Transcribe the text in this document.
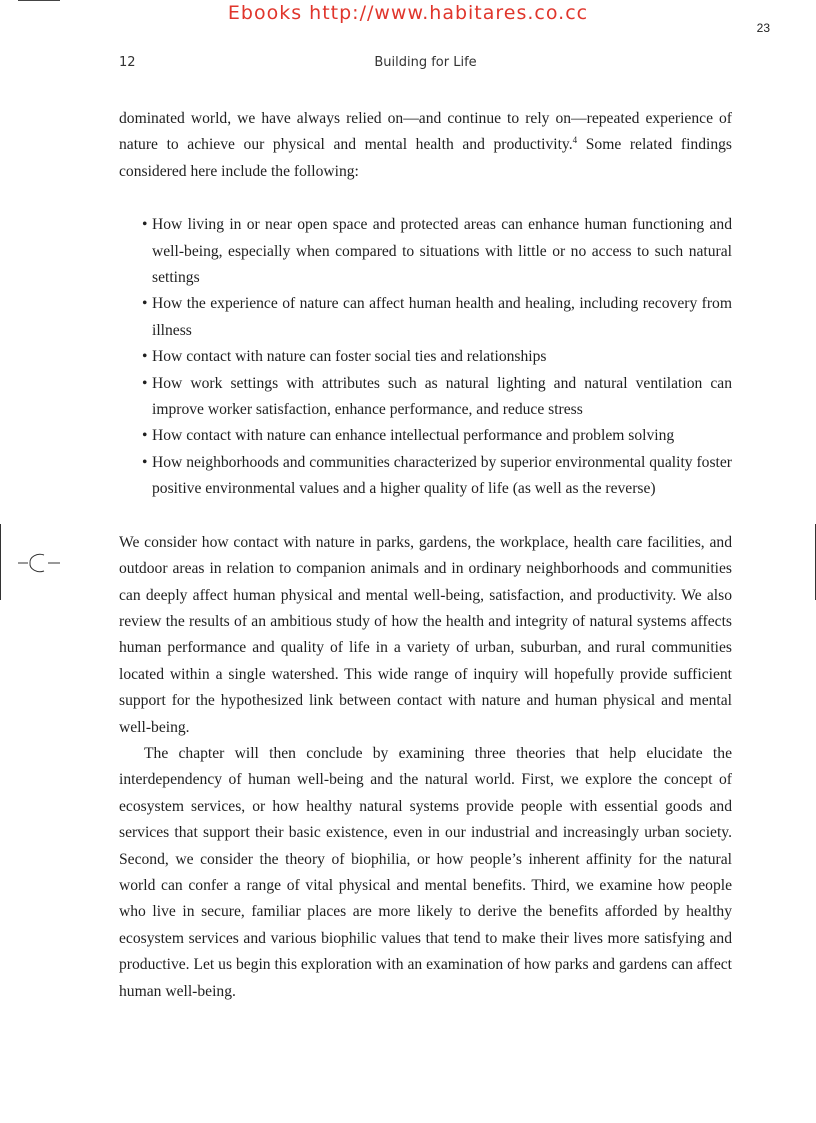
Ebooks http://www.habitares.co.cc

23
12	Building for Life

dominated world, we have always relied on—and continue to rely on—repeated experience of nature to achieve our physical and mental health and productivity.$^4$ Some related findings considered here include the following:

• How living in or near open space and protected areas can enhance human functioning and well-being, especially when compared to situations with little or no access to such natural settings
• How the experience of nature can affect human health and healing, including recovery from illness
• How contact with nature can foster social ties and relationships
• How work settings with attributes such as natural lighting and natural ventilation can improve worker satisfaction, enhance performance, and reduce stress
• How contact with nature can enhance intellectual performance and problem solving
• How neighborhoods and communities characterized by superior environmental quality foster positive environmental values and a higher quality of life (as well as the reverse)

We consider how contact with nature in parks, gardens, the workplace, health care facilities, and outdoor areas in relation to companion animals and in ordinary neighborhoods and communities can deeply affect human physical and mental well-being, satisfaction, and productivity. We also review the results of an ambitious study of how the health and integrity of natural systems affects human performance and quality of life in a variety of urban, suburban, and rural communities located within a single watershed. This wide range of inquiry will hopefully provide sufficient support for the hypothesized link between contact with nature and human physical and mental well-being.

The chapter will then conclude by examining three theories that help elucidate the interdependency of human well-being and the natural world. First, we explore the concept of ecosystem services, or how healthy natural systems provide people with essential goods and services that support their basic existence, even in our industrial and increasingly urban society. Second, we consider the theory of biophilia, or how people’s inherent affinity for the natural world can confer a range of vital physical and mental benefits. Third, we examine how people who live in secure, familiar places are more likely to derive the benefits afforded by healthy ecosystem services and various biophilic values that tend to make their lives more satisfying and productive. Let us begin this exploration with an examination of how parks and gardens can affect human well-being.
